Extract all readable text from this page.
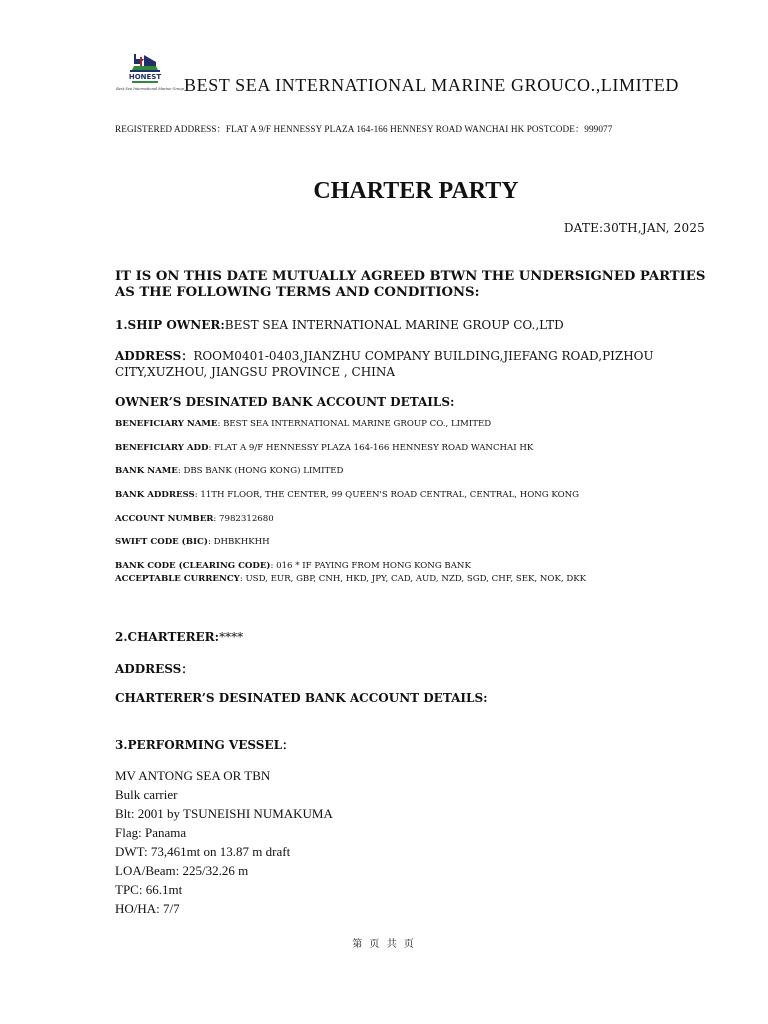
HONEST
Best Sea International Marine Group BEST SEA INTERNATIONAL MARINE GROUCO.,LIMITED
REGISTERED ADDRESS：FLAT A 9/F HENNESSY PLAZA 164-166 HENNESY ROAD WANCHAI HK POSTCODE：999077
CHARTER PARTY
DATE:30TH,JAN, 2025
IT IS ON THIS DATE MUTUALLY AGREED BTWN THE UNDERSIGNED PARTIES AS THE FOLLOWING TERMS AND CONDITIONS:
1.SHIP OWNER:BEST SEA INTERNATIONAL MARINE GROUP CO.,LTD
ADDRESS：ROOM0401-0403,JIANZHU COMPANY BUILDING,JIEFANG ROAD,PIZHOU CITY,XUZHOU, JIANGSU PROVINCE , CHINA
OWNER’S DESINATED BANK ACCOUNT DETAILS:
BENEFICIARY NAME: BEST SEA INTERNATIONAL MARINE GROUP CO., LIMITED
BENEFICIARY ADD: FLAT A 9/F HENNESSY PLAZA 164-166 HENNESY ROAD WANCHAI HK
BANK NAME: DBS BANK (HONG KONG) LIMITED
BANK ADDRESS: 11TH FLOOR, THE CENTER, 99 QUEEN'S ROAD CENTRAL, CENTRAL, HONG KONG
ACCOUNT NUMBER: 7982312680
SWIFT CODE (BIC): DHBKHKHH
BANK CODE (CLEARING CODE): 016 * IF PAYING FROM HONG KONG BANK
ACCEPTABLE CURRENCY: USD, EUR, GBP, CNH, HKD, JPY, CAD, AUD, NZD, SGD, CHF, SEK, NOK, DKK
2.CHARTERER:****
ADDRESS：
CHARTERER’S DESINATED BANK ACCOUNT DETAILS:
3.PERFORMING VESSEL：
MV ANTONG SEA OR TBN
Bulk carrier
Blt: 2001 by TSUNEISHI NUMAKUMA
Flag: Panama
DWT: 73,461mt on 13.87 m draft
LOA/Beam: 225/32.26 m
TPC: 66.1mt
HO/HA: 7/7
第 页 共 页
